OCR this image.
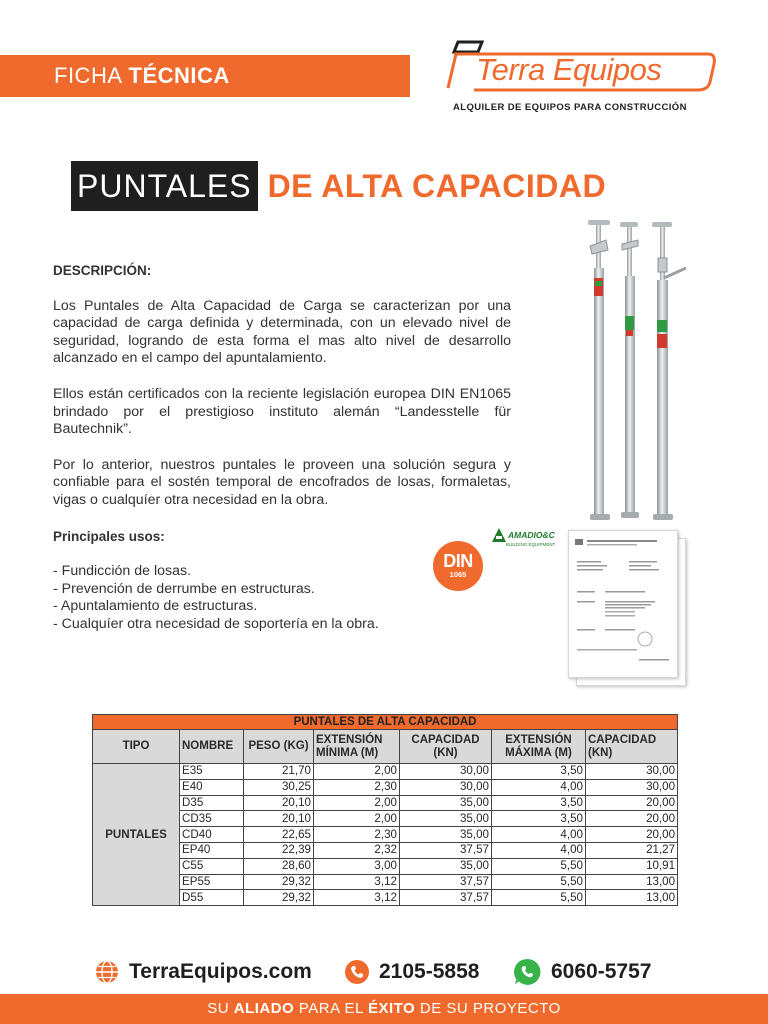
FICHA TÉCNICA	Terra Equipos
ALQUILER DE EQUIPOS PARA CONSTRUCCIÓN
PUNTALES DE ALTA CAPACIDAD
DESCRIPCIÓN:

Los Puntales de Alta Capacidad de Carga se caracterizan por una capacidad de carga definida y determinada, con un elevado nivel de seguridad, logrando de esta forma el mas alto nivel de desarrollo alcanzado en el campo del apuntalamiento.

Ellos están certificados con la reciente legislación europea DIN EN1065 brindado por el prestigioso instituto alemán “Landesstelle für Bautechnik”.

Por lo anterior, nuestros puntales le proveen una solución segura y confiable para el sostén temporal de encofrados de losas, formaletas, vigas o cualquíer otra necesidad en la obra.

Principales usos:
- Fundicción de losas.
- Prevención de derrumbe en estructuras.
- Apuntalamiento de estructuras.
- Cualquíer otra necesidad de soportería en la obra.
AMADIO&C
BUILDING EQUIPMENT
DIN
1065
PUNTALES DE ALTA CAPACIDAD						
TIPO	NOMBRE	PESO (KG)	EXTENSIÓN MÍNIMA (M)	CAPACIDAD (KN)	EXTENSIÓN MÁXIMA (M)	CAPACIDAD (KN)
PUNTALES	E35	21,70	2,00	30,00	3,50	30,00
	E40	30,25	2,30	30,00	4,00	30,00
	D35	20,10	2,00	35,00	3,50	20,00
	CD35	20,10	2,00	35,00	3,50	20,00
	CD40	22,65	2,30	35,00	4,00	20,00
	EP40	22,39	2,32	37,57	4,00	21,27
	C55	28,60	3,00	35,00	5,50	10,91
	EP55	29,32	3,12	37,57	5,50	13,00
	D55	29,32	3,12	37,57	5,50	13,00
TerraEquipos.com	2105-5858	6060-5757
SU ALIADO PARA EL ÉXITO DE SU PROYECTO
